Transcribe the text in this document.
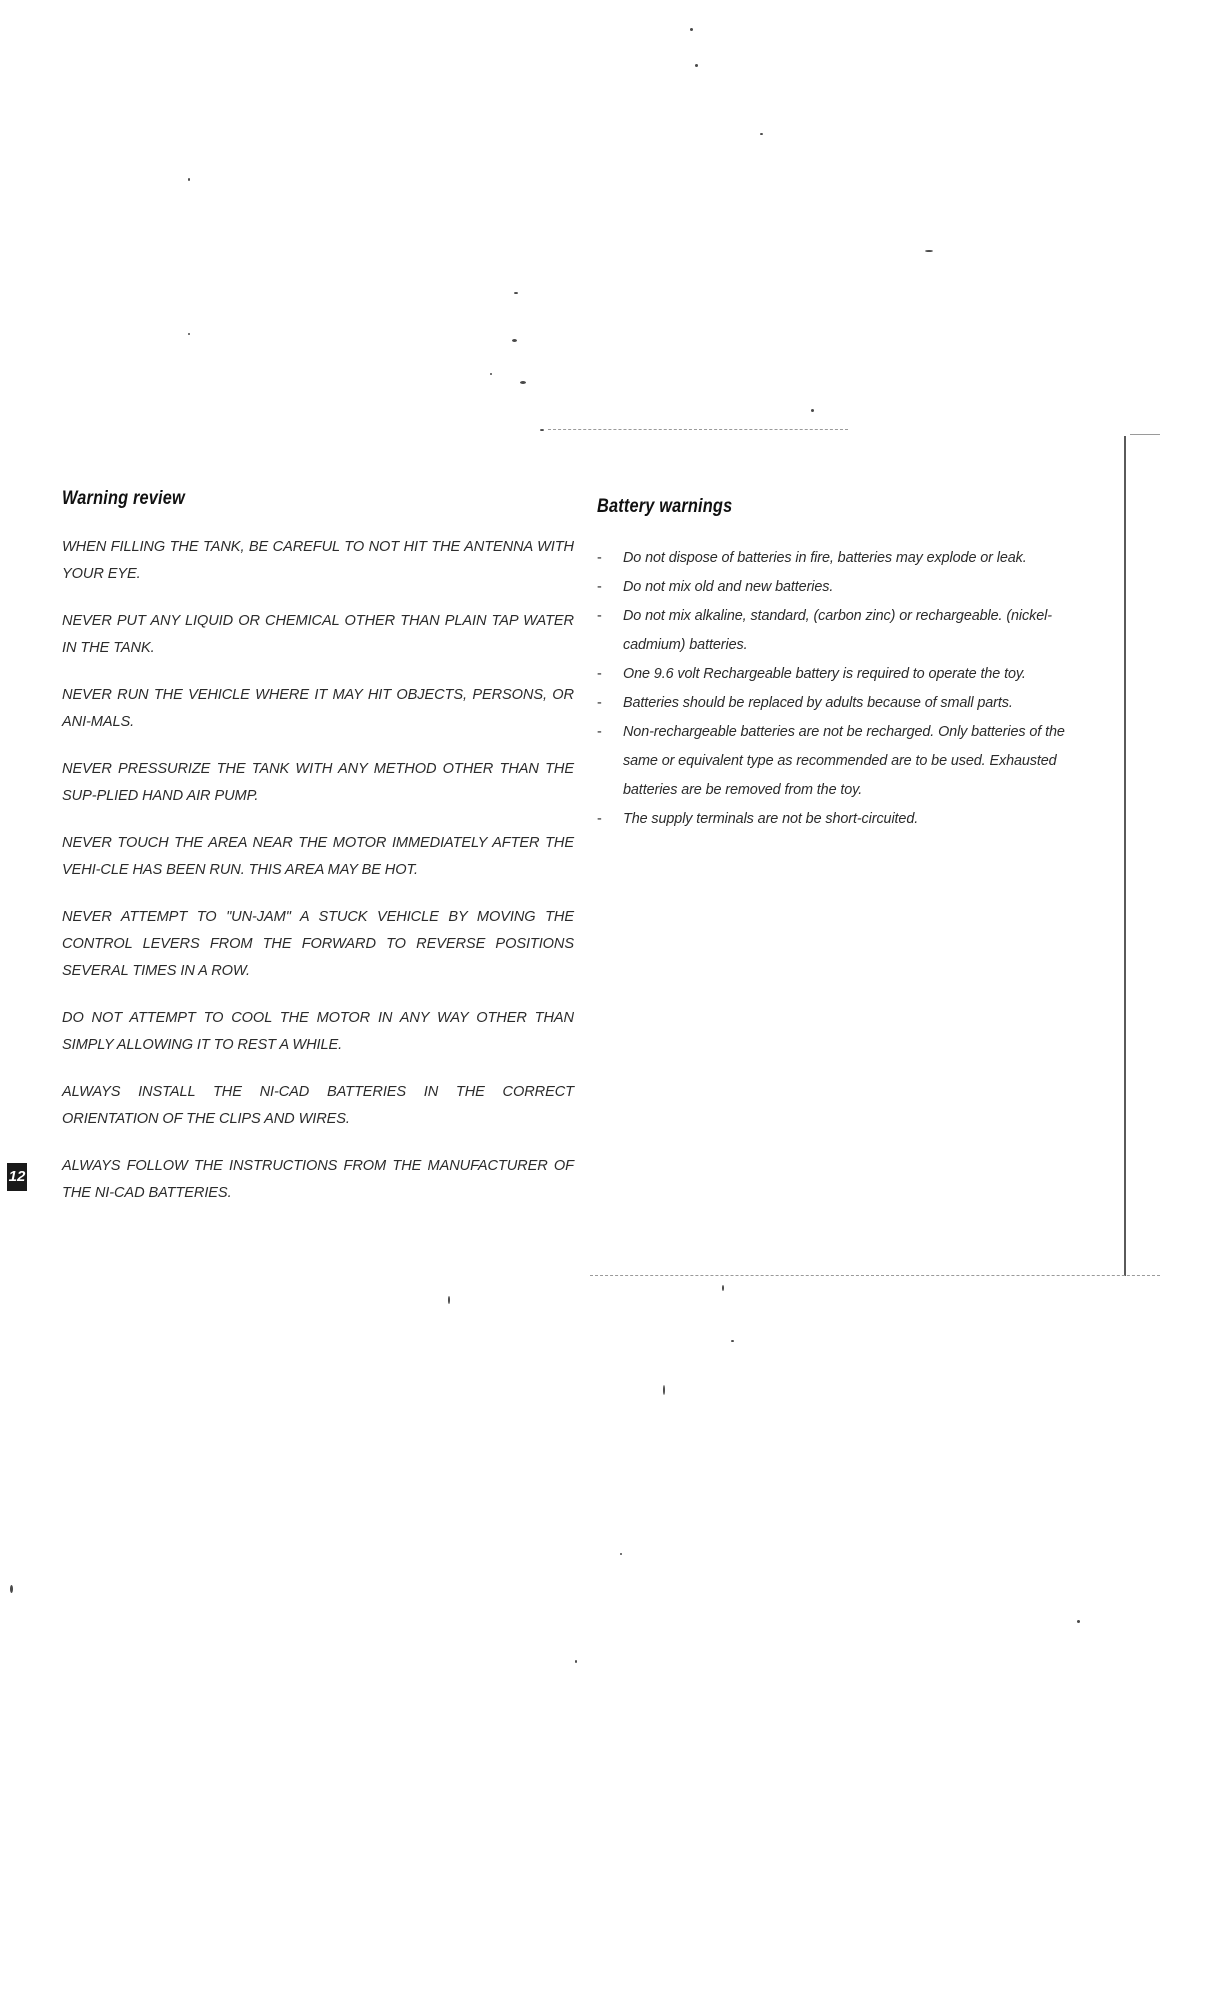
Warning review

WHEN FILLING THE TANK, BE CAREFUL TO NOT HIT THE ANTENNA WITH YOUR EYE.

NEVER PUT ANY LIQUID OR CHEMICAL OTHER THAN PLAIN TAP WATER IN THE TANK.

NEVER RUN THE VEHICLE WHERE IT MAY HIT OBJECTS, PERSONS, OR ANI-MALS.

NEVER PRESSURIZE THE TANK WITH ANY METHOD OTHER THAN THE SUP-PLIED HAND AIR PUMP.

NEVER TOUCH THE AREA NEAR THE MOTOR IMMEDIATELY AFTER THE VEHI-CLE HAS BEEN RUN. THIS AREA MAY BE HOT.

NEVER ATTEMPT TO "UN-JAM" A STUCK VEHICLE BY MOVING THE CONTROL LEVERS FROM THE FORWARD TO REVERSE POSITIONS SEVERAL TIMES IN A ROW.

DO NOT ATTEMPT TO COOL THE MOTOR IN ANY WAY OTHER THAN SIMPLY ALLOWING IT TO REST A WHILE.

ALWAYS INSTALL THE NI-CAD BATTERIES IN THE CORRECT ORIENTATION OF THE CLIPS AND WIRES.

ALWAYS FOLLOW THE INSTRUCTIONS FROM THE MANUFACTURER OF THE NI-CAD BATTERIES.

Battery warnings
- Do not dispose of batteries in fire, batteries may explode or leak.
- Do not mix old and new batteries.
- Do not mix alkaline, standard, (carbon zinc) or rechargeable. (nickel-cadmium) batteries.
- One 9.6 volt Rechargeable battery is required to operate the toy.
- Batteries should be replaced by adults because of small parts.
- Non-rechargeable batteries are not be recharged. Only batteries of the same or equivalent type as recommended are to be used. Exhausted batteries are be removed from the toy.
- The supply terminals are not be short-circuited.
12
